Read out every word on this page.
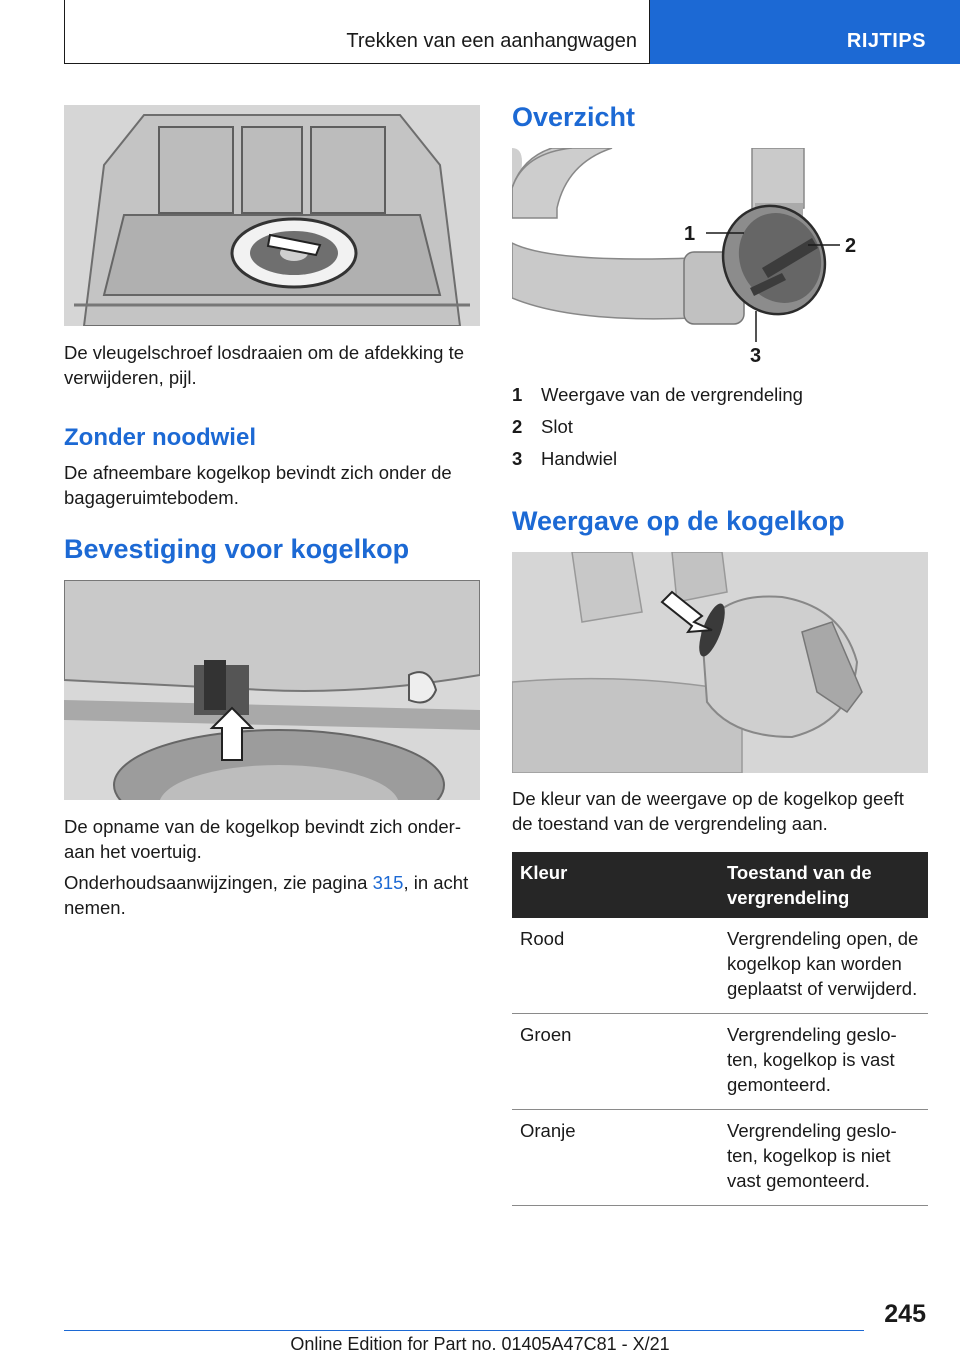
Trekken van een aanhangwagen	RIJTIPS
De vleugelschroef losdraaien om de afdekking te verwijderen, pijl.
Zonder noodwiel
De afneembare kogelkop bevindt zich onder de bagageruimtebodem.
Bevestiging voor kogelkop
De opname van de kogelkop bevindt zich onderaan het voertuig.
Onderhoudsaanwijzingen, zie pagina 315, in acht nemen.
Overzicht
1
2
3
1	Weergave van de vergrendeling
2	Slot
3	Handwiel
Weergave op de kogelkop
De kleur van de weergave op de kogelkop geeft de toestand van de vergrendeling aan.
Kleur	Toestand van de vergrendeling
Rood	Vergrendeling open, de kogelkop kan worden geplaatst of verwijderd.
Groen	Vergrendeling gesloten, kogelkop is vast gemonteerd.
Oranje	Vergrendeling gesloten, kogelkop is niet vast gemonteerd.
245
Online Edition for Part no. 01405A47C81 - X/21
